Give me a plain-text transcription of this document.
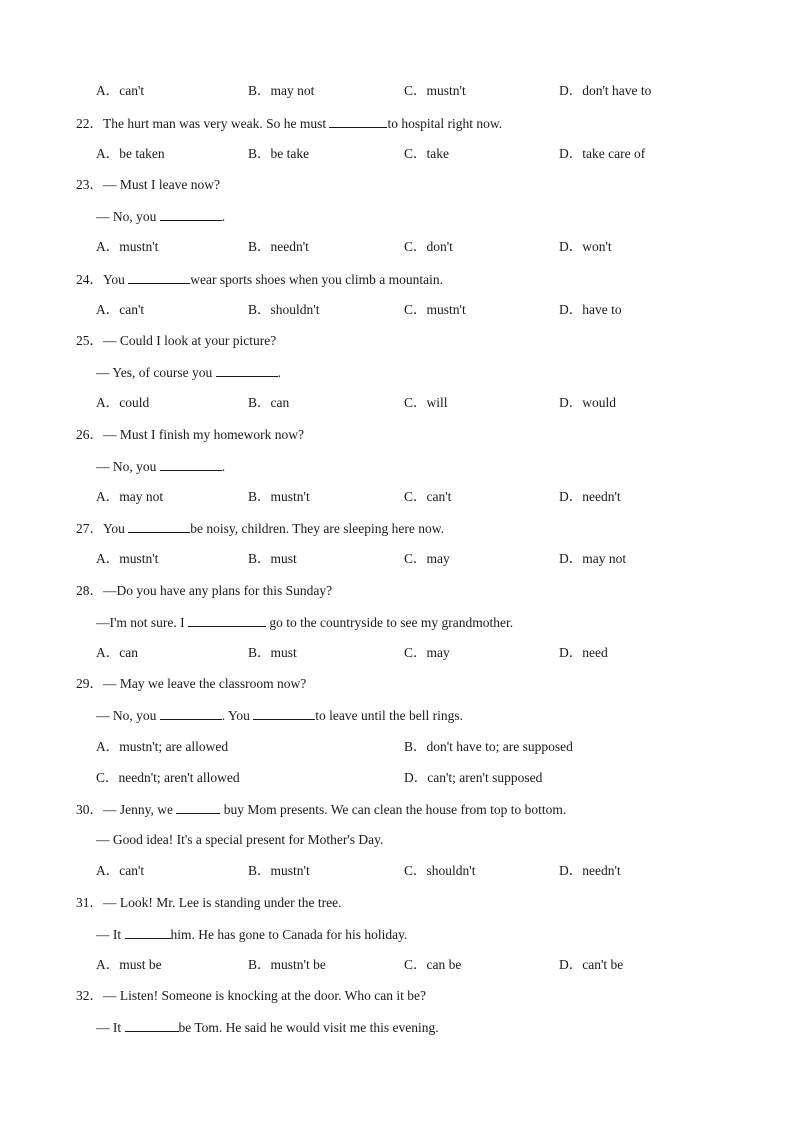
A．can't	B．may not	C．mustn't	D．don't have to
22．The hurt man was very weak. So he must	to hospital right now.
A．be taken	B．be take	C．take	D．take care of
23．— Must I leave now?
— No, you	.
A．mustn't	B．needn't	C．don't	D．won't
24．You	wear sports shoes when you climb a mountain.
A．can't	B．shouldn't	C．mustn't	D．have to
25．— Could I look at your picture?
— Yes, of course you	.
A．could	B．can	C．will	D．would
26．— Must I finish my homework now?
— No, you	.
A．may not	B．mustn't	C．can't	D．needn't
27．You	be noisy, children. They are sleeping here now.
A．mustn't	B．must	C．may	D．may not
28．—Do you have any plans for this Sunday?
—I'm not sure. I	go to the countryside to see my grandmother.
A．can	B．must	C．may	D．need
29．— May we leave the classroom now?
— No, you	. You	to leave until the bell rings.
A．mustn't; are allowed	B．don't have to; are supposed
C．needn't; aren't allowed	D．can't; aren't supposed
30．— Jenny, we	buy Mom presents. We can clean the house from top to bottom.
— Good idea! It's a special present for Mother's Day.
A．can't	B．mustn't	C．shouldn't	D．needn't
31．— Look! Mr. Lee is standing under the tree.
— It	him. He has gone to Canada for his holiday.
A．must be	B．mustn't be	C．can be	D．can't be
32．— Listen! Someone is knocking at the door. Who can it be?
— It	be Tom. He said he would visit me this evening.
